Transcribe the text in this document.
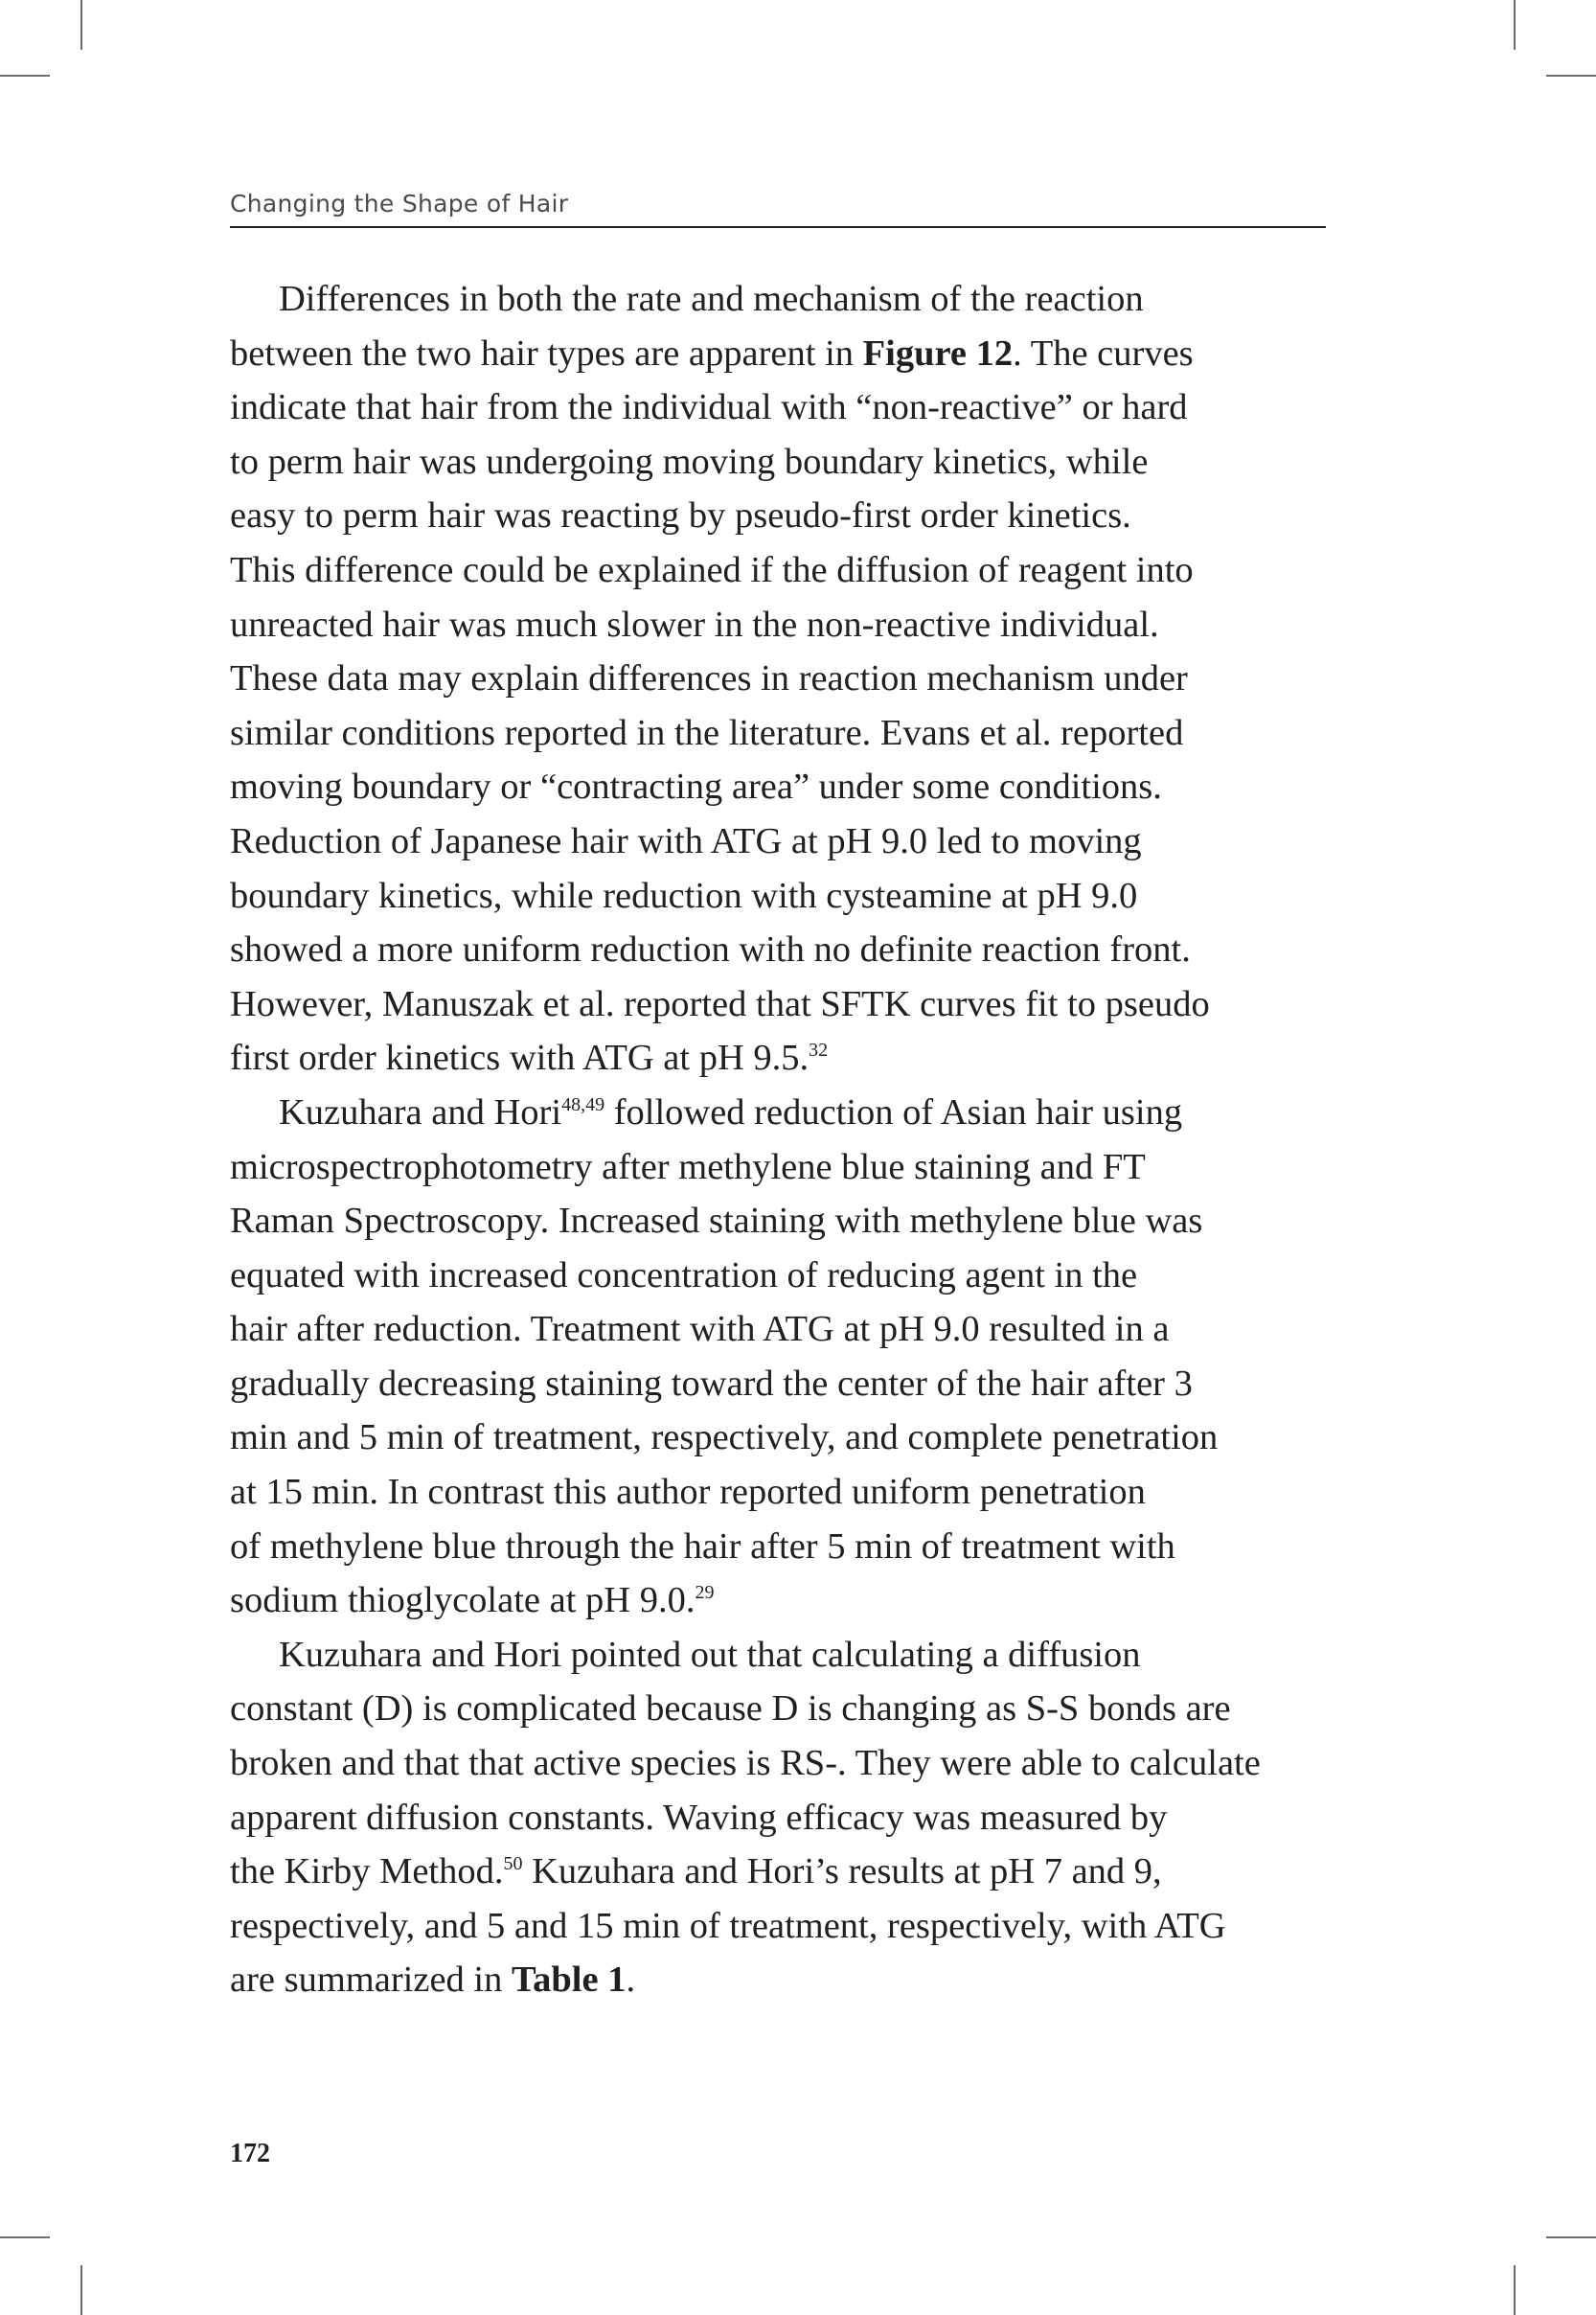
Changing the Shape of Hair
Differences in both the rate and mechanism of the reaction
between the two hair types are apparent in Figure 12. The curves
indicate that hair from the individual with “non-reactive” or hard
to perm hair was undergoing moving boundary kinetics, while
easy to perm hair was reacting by pseudo-first order kinetics.
This difference could be explained if the diffusion of reagent into
unreacted hair was much slower in the non-reactive individual.
These data may explain differences in reaction mechanism under
similar conditions reported in the literature. Evans et al. reported
moving boundary or “contracting area” under some conditions.
Reduction of Japanese hair with ATG at pH 9.0 led to moving
boundary kinetics, while reduction with cysteamine at pH 9.0
showed a more uniform reduction with no definite reaction front.
However, Manuszak et al. reported that SFTK curves fit to pseudo
first order kinetics with ATG at pH 9.5.32
Kuzuhara and Hori$^{48,49}$ followed reduction of Asian hair using
microspectrophotometry after methylene blue staining and FT
Raman Spectroscopy. Increased staining with methylene blue was
equated with increased concentration of reducing agent in the
hair after reduction. Treatment with ATG at pH 9.0 resulted in a
gradually decreasing staining toward the center of the hair after 3
min and 5 min of treatment, respectively, and complete penetration
at 15 min. In contrast this author reported uniform penetration
of methylene blue through the hair after 5 min of treatment with
sodium thioglycolate at pH 9.0.29
Kuzuhara and Hori pointed out that calculating a diffusion
constant (D) is complicated because D is changing as S-S bonds are
broken and that that active species is RS-. They were able to calculate
apparent diffusion constants. Waving efficacy was measured by
the Kirby Method.$^{50}$ Kuzuhara and Hori’s results at pH 7 and 9,
respectively, and 5 and 15 min of treatment, respectively, with ATG
are summarized in Table 1.
172
